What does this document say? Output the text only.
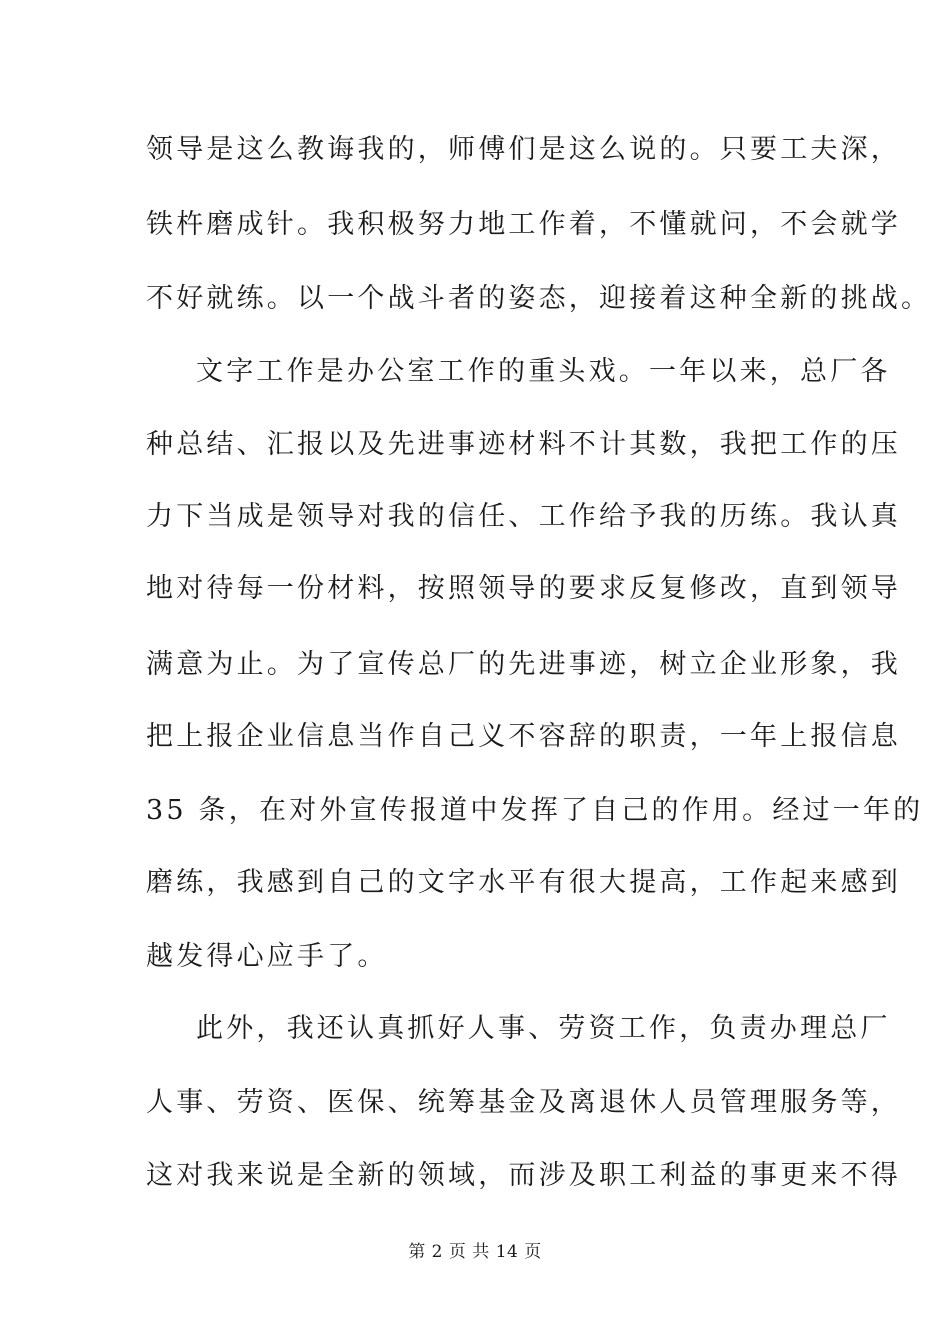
领导是这么教诲我的，师傅们是这么说的。只要工夫深，
铁杵磨成针。我积极努力地工作着，不懂就问，不会就学
不好就练。以一个战斗者的姿态，迎接着这种全新的挑战。
文字工作是办公室工作的重头戏。一年以来，总厂各
种总结、汇报以及先进事迹材料不计其数，我把工作的压
力下当成是领导对我的信任、工作给予我的历练。我认真
地对待每一份材料，按照领导的要求反复修改，直到领导
满意为止。为了宣传总厂的先进事迹，树立企业形象，我
把上报企业信息当作自己义不容辞的职责，一年上报信息
35 条，在对外宣传报道中发挥了自己的作用。经过一年的
磨练，我感到自己的文字水平有很大提高，工作起来感到
越发得心应手了。
此外，我还认真抓好人事、劳资工作，负责办理总厂
人事、劳资、医保、统筹基金及离退休人员管理服务等，
这对我来说是全新的领域，而涉及职工利益的事更来不得
第 2 页 共 14 页
